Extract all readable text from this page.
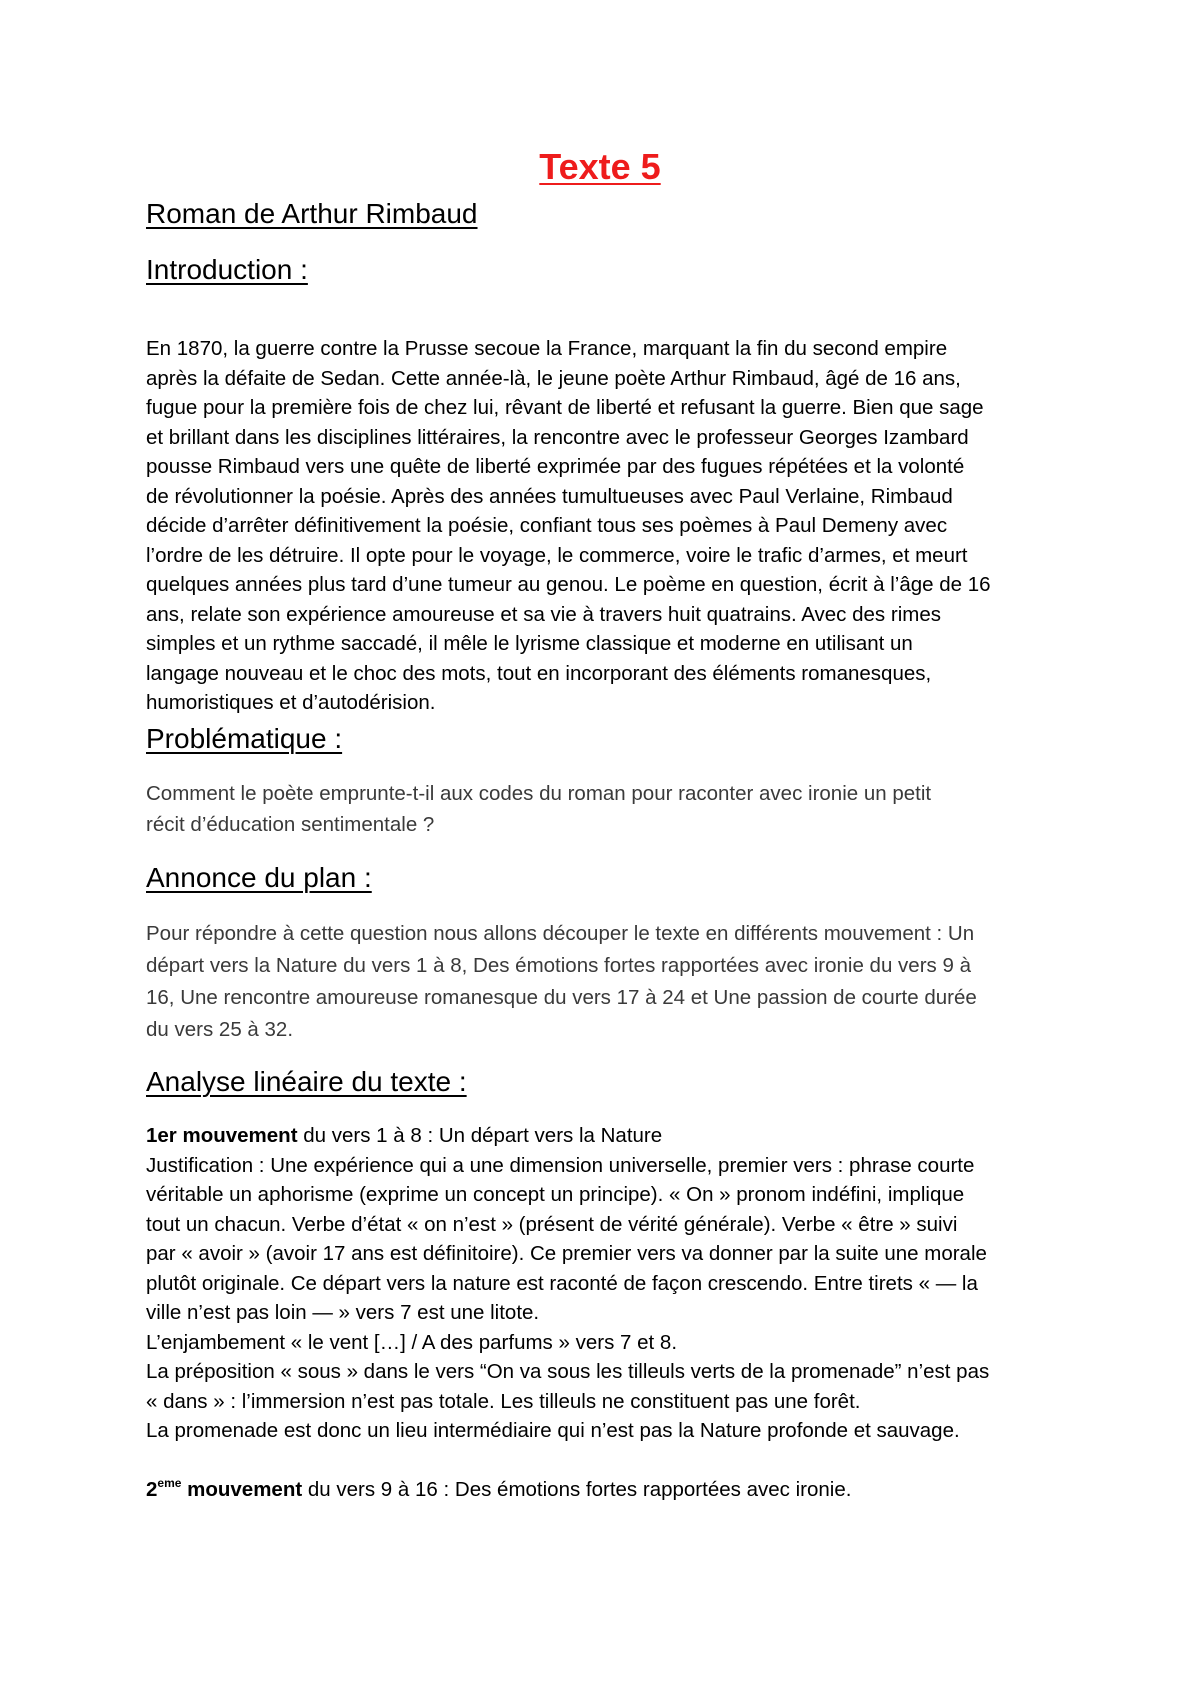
Texte 5
Roman de Arthur Rimbaud
Introduction :
En 1870, la guerre contre la Prusse secoue la France, marquant la fin du second empire
après la défaite de Sedan. Cette année-là, le jeune poète Arthur Rimbaud, âgé de 16 ans,
fugue pour la première fois de chez lui, rêvant de liberté et refusant la guerre. Bien que sage
et brillant dans les disciplines littéraires, la rencontre avec le professeur Georges Izambard
pousse Rimbaud vers une quête de liberté exprimée par des fugues répétées et la volonté
de révolutionner la poésie. Après des années tumultueuses avec Paul Verlaine, Rimbaud
décide d’arrêter définitivement la poésie, confiant tous ses poèmes à Paul Demeny avec
l’ordre de les détruire. Il opte pour le voyage, le commerce, voire le trafic d’armes, et meurt
quelques années plus tard d’une tumeur au genou. Le poème en question, écrit à l’âge de 16
ans, relate son expérience amoureuse et sa vie à travers huit quatrains. Avec des rimes
simples et un rythme saccadé, il mêle le lyrisme classique et moderne en utilisant un
langage nouveau et le choc des mots, tout en incorporant des éléments romanesques,
humoristiques et d’autodérision.
Problématique :
Comment le poète emprunte-t-il aux codes du roman pour raconter avec ironie un petit
récit d’éducation sentimentale ?
Annonce du plan :
Pour répondre à cette question nous allons découper le texte en différents mouvement : Un
départ vers la Nature du vers 1 à 8, Des émotions fortes rapportées avec ironie du vers 9 à
16, Une rencontre amoureuse romanesque du vers 17 à 24 et Une passion de courte durée
du vers 25 à 32.
Analyse linéaire du texte :
1er mouvement du vers 1 à 8 : Un départ vers la Nature
Justification : Une expérience qui a une dimension universelle, premier vers : phrase courte
véritable un aphorisme (exprime un concept un principe). « On » pronom indéfini, implique
tout un chacun. Verbe d’état « on n’est » (présent de vérité générale). Verbe « être » suivi
par « avoir » (avoir 17 ans est définitoire). Ce premier vers va donner par la suite une morale
plutôt originale. Ce départ vers la nature est raconté de façon crescendo. Entre tirets « — la
ville n’est pas loin — » vers 7 est une litote.
L’enjambement « le vent […] / A des parfums » vers 7 et 8.
La préposition « sous » dans le vers “On va sous les tilleuls verts de la promenade” n’est pas
« dans » : l’immersion n’est pas totale. Les tilleuls ne constituent pas une forêt.
La promenade est donc un lieu intermédiaire qui n’est pas la Nature profonde et sauvage.
2eme mouvement du vers 9 à 16 : Des émotions fortes rapportées avec ironie.
